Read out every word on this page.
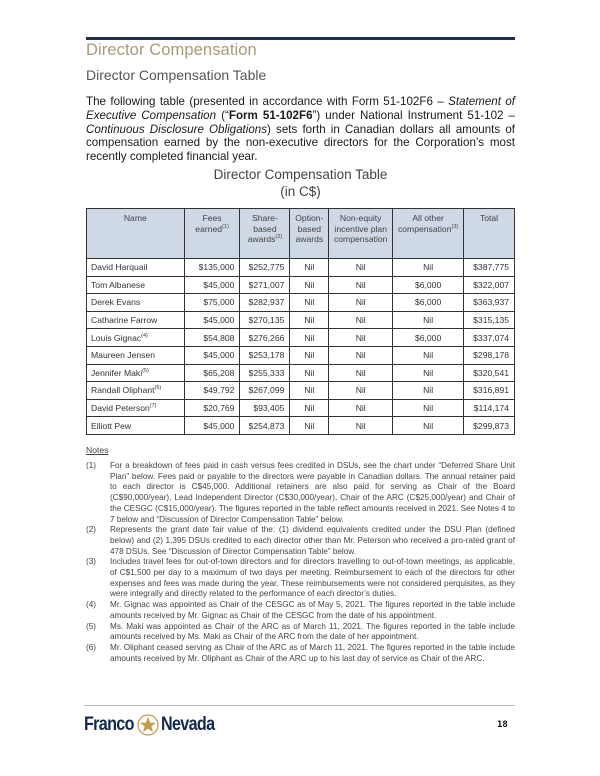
Director Compensation
Director Compensation Table

The following table (presented in accordance with Form 51-102F6 – Statement of Executive Compensation (“Form 51-102F6”) under National Instrument 51-102 – Continuous Disclosure Obligations) sets forth in Canadian dollars all amounts of compensation earned by the non-executive directors for the Corporation’s most recently completed financial year.

Director Compensation Table
(in C$)
Name	Fees earned$^{(1)}$	Share-based awards$^{(2)}$	Option-based awards	Non-equity incentive plan compensation	All other compensation$^{(3)}$	Total
David Harquail	$135,000	$252,775	Nil	Nil	Nil	$387,775
Tom Albanese	$45,000	$271,007	Nil	Nil	$6,000	$322,007
Derek Evans	$75,000	$282,937	Nil	Nil	$6,000	$363,937
Catharine Farrow	$45,000	$270,135	Nil	Nil	Nil	$315,135
Louis Gignac$^{(4)}$	$54,808	$276,266	Nil	Nil	$6,000	$337,074
Maureen Jensen	$45,000	$253,178	Nil	Nil	Nil	$298,178
Jennifer Maki$^{(5)}$	$65,208	$255,333	Nil	Nil	Nil	$320,541
Randall Oliphant$^{(6)}$	$49,792	$267,099	Nil	Nil	Nil	$316,891
David Peterson$^{(7)}$	$20,769	$93,405	Nil	Nil	Nil	$114,174
Elliott Pew	$45,000	$254,873	Nil	Nil	Nil	$299,873
Notes
(1)	For a breakdown of fees paid in cash versus fees credited in DSUs, see the chart under “Deferred Share Unit Plan” below. Fees paid or payable to the directors were payable in Canadian dollars. The annual retainer paid to each director is C$45,000. Additional retainers are also paid for serving as Chair of the Board (C$90,000/year), Lead Independent Director (C$30,000/year), Chair of the ARC (C$25,000/year) and Chair of the CESGC (C$15,000/year). The figures reported in the table reflect amounts received in 2021. See Notes 4 to 7 below and “Discussion of Director Compensation Table” below.
(2)	Represents the grant date fair value of the: (1) dividend equivalents credited under the DSU Plan (defined below) and (2) 1,395 DSUs credited to each director other than Mr. Peterson who received a pro-rated grant of 478 DSUs. See “Discussion of Director Compensation Table” below.
(3)	Includes travel fees for out-of-town directors and for directors travelling to out-of-town meetings, as applicable, of C$1,500 per day to a maximum of two days per meeting. Reimbursement to each of the directors for other expenses and fees was made during the year. These reimbursements were not considered perquisites, as they were integrally and directly related to the performance of each director’s duties.
(4)	Mr. Gignac was appointed as Chair of the CESGC as of May 5, 2021. The figures reported in the table include amounts received by Mr. Gignac as Chair of the CESGC from the date of his appointment.
(5)	Ms. Maki was appointed as Chair of the ARC as of March 11, 2021. The figures reported in the table include amounts received by Ms. Maki as Chair of the ARC from the date of her appointment.
(6)	Mr. Oliphant ceased serving as Chair of the ARC as of March 11, 2021. The figures reported in the table include amounts received by Mr. Oliphant as Chair of the ARC up to his last day of service as Chair of the ARC.
Franco Nevada	18
